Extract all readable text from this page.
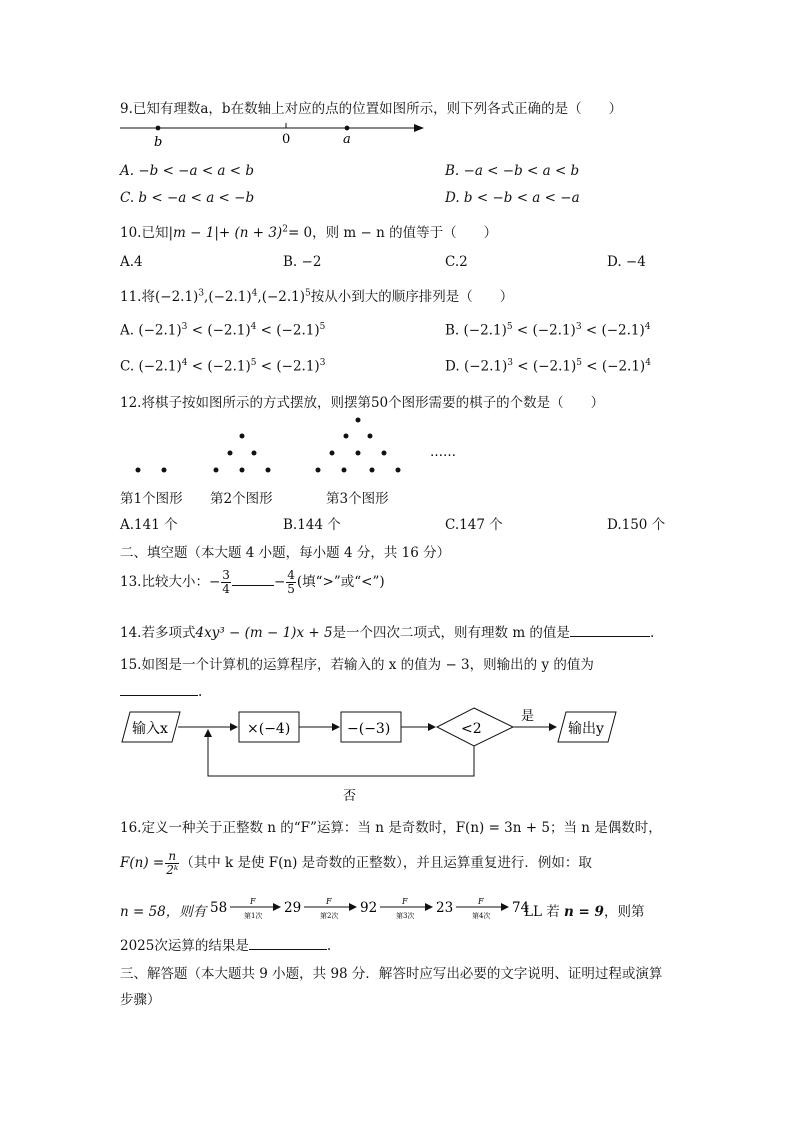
9.已知有理数a，b在数轴上对应的点的位置如图所示，则下列各式正确的是（　　）
b	0	a
A. −b < −a < a < b	B. −a < −b < a < b
C. b < −a < a < −b	D. b < −b < a < −a
10.已知$|m - 1|+ (n + 3)^2= 0$，则 m − n 的值等于（　　）
A.4	B. −2	C.2	D. −4
11.将$(-2.1)^3,(-2.1)^4,(-2.1)^5$按从小到大的顺序排列是（　　）
A. $(-2.1)^3 < (-2.1)^4 < (-2.1)^5$	B. $(-2.1)^5 < (-2.1)^3 < (-2.1)^4$
C. $(-2.1)^4 < (-2.1)^5 < (-2.1)^3$	D. $(-2.1)^3 < (-2.1)^5 < (-2.1)^4$
12.将棋子按如图所示的方式摆放，则摆第50个图形需要的棋子的个数是（　　）
……
第1个图形 第2个图形	第3个图形
A.141 个	B.144 个	C.147 个	D.150 个
二、填空题（本大题 4 小题，每小题 4 分，共 16 分）
13.比较大小：− $\frac{3}{4}$	− $\frac{4}{5}$ (填“>”或“<”)
14.若多项式4xy³ − (m − 1)x + 5是一个四次二项式，则有理数 m 的值是	.
15.如图是一个计算机的运算程序，若输入的 x 的值为 − 3，则输出的 y 的值为
.
输入x	×(−4)	−(−3)	<2
是
输出y
否
16.定义一种关于正整数 n 的“F”运算：当 n 是奇数时，F(n) = 3n + 5；当 n 是偶数时，
$F(n) = \frac{n}{\text{2ᵏ}}$ （其中 k 是使 F(n) 是奇数的正整数），并且运算重复进行．例如：取
n = 58，则有 58	F
第1次 29	F
第2次 92	F
第3次 23	F
第4次 74
LL 若 n = 9，则第
2025次运算的结果是	.
三、解答题（本大题共 9 小题，共 98 分．解答时应写出必要的文字说明、证明过程或演算
步骤）
